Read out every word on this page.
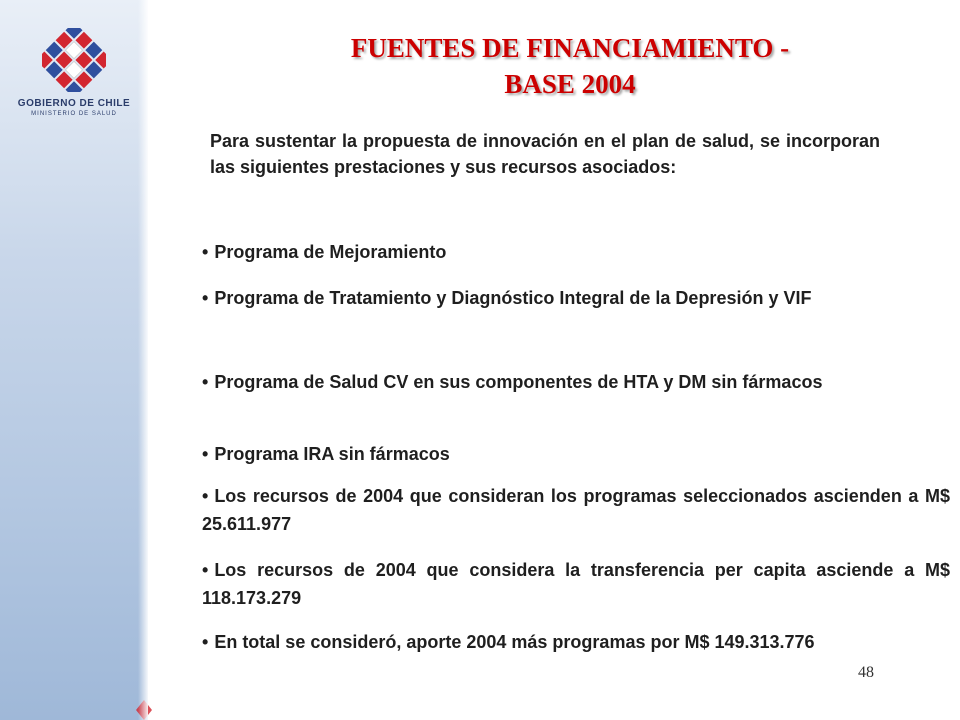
GOBIERNO DE CHILE
MINISTERIO DE SALUD
FUENTES DE FINANCIAMIENTO -
BASE 2004
Para sustentar la propuesta de innovación en el plan de salud, se incorporan las siguientes prestaciones y sus recursos asociados:
• Programa de Mejoramiento
• Programa de Tratamiento y Diagnóstico Integral de la Depresión y VIF
• Programa de Salud CV en sus componentes de HTA y DM sin fármacos
• Programa IRA sin fármacos
• Los recursos de 2004 que consideran los programas seleccionados ascienden a M$ 25.611.977
• Los recursos de 2004 que considera la transferencia per capita asciende a M$ 118.173.279
• En total se consideró, aporte 2004 más programas por M$ 149.313.776
48
